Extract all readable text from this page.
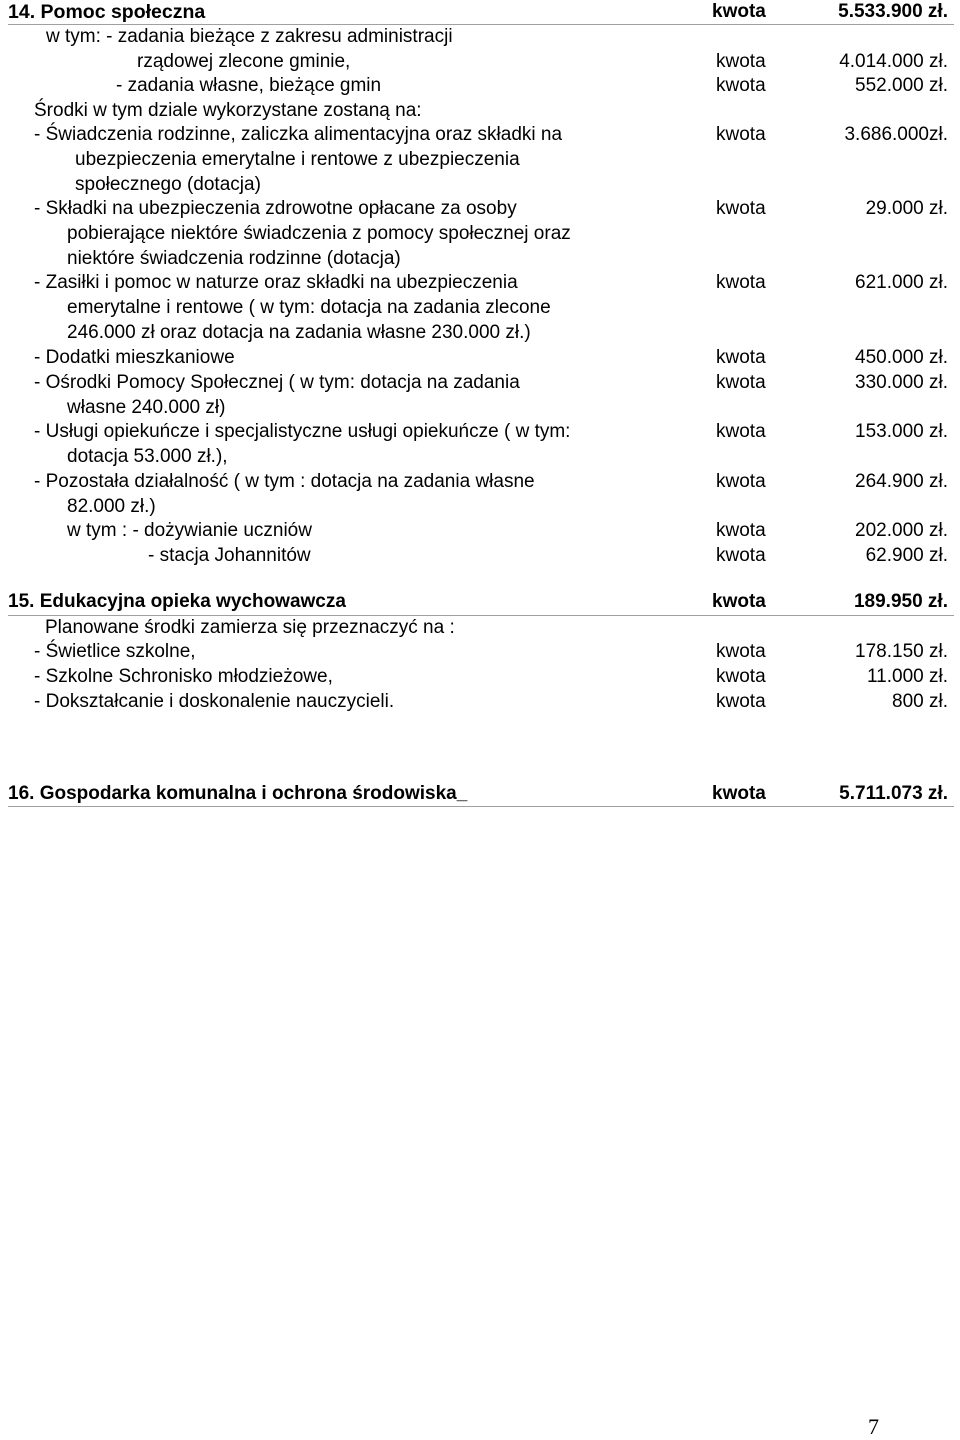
14. Pomoc społeczna	kwota	5.533.900 zł.
w tym: - zadania bieżące z zakresu administracji
rządowej zlecone gminie,	kwota	4.014.000 zł.
- zadania własne, bieżące gmin	kwota	552.000 zł.
Środki w tym dziale wykorzystane zostaną na:
- Świadczenia rodzinne, zaliczka alimentacyjna oraz składki na	kwota	3.686.000zł.
ubezpieczenia emerytalne i rentowe z ubezpieczenia
społecznego (dotacja)
- Składki na ubezpieczenia zdrowotne opłacane za osoby	kwota	29.000 zł.
pobierające niektóre świadczenia z pomocy społecznej oraz
niektóre świadczenia rodzinne (dotacja)
- Zasiłki i pomoc w naturze oraz składki na ubezpieczenia	kwota	621.000 zł.
emerytalne i rentowe ( w tym: dotacja na zadania zlecone
246.000 zł oraz dotacja na zadania własne 230.000 zł.)
- Dodatki mieszkaniowe	kwota	450.000 zł.
- Ośrodki Pomocy Społecznej ( w tym: dotacja na zadania	kwota	330.000 zł.
własne 240.000 zł)
- Usługi opiekuńcze i specjalistyczne usługi opiekuńcze ( w tym:	kwota	153.000 zł.
dotacja 53.000 zł.),
- Pozostała działalność ( w tym : dotacja na zadania własne	kwota	264.900 zł.
82.000 zł.)
w tym : - dożywianie uczniów	kwota	202.000 zł.
- stacja Johannitów	kwota	62.900 zł.
15. Edukacyjna opieka wychowawcza	kwota	189.950 zł.
Planowane środki zamierza się przeznaczyć na :
- Świetlice szkolne,	kwota	178.150 zł.
- Szkolne Schronisko młodzieżowe,	kwota	11.000 zł.
- Dokształcanie i doskonalenie nauczycieli.	kwota	800 zł.
16. Gospodarka komunalna i ochrona środowiska_	kwota	5.711.073 zł.
7
